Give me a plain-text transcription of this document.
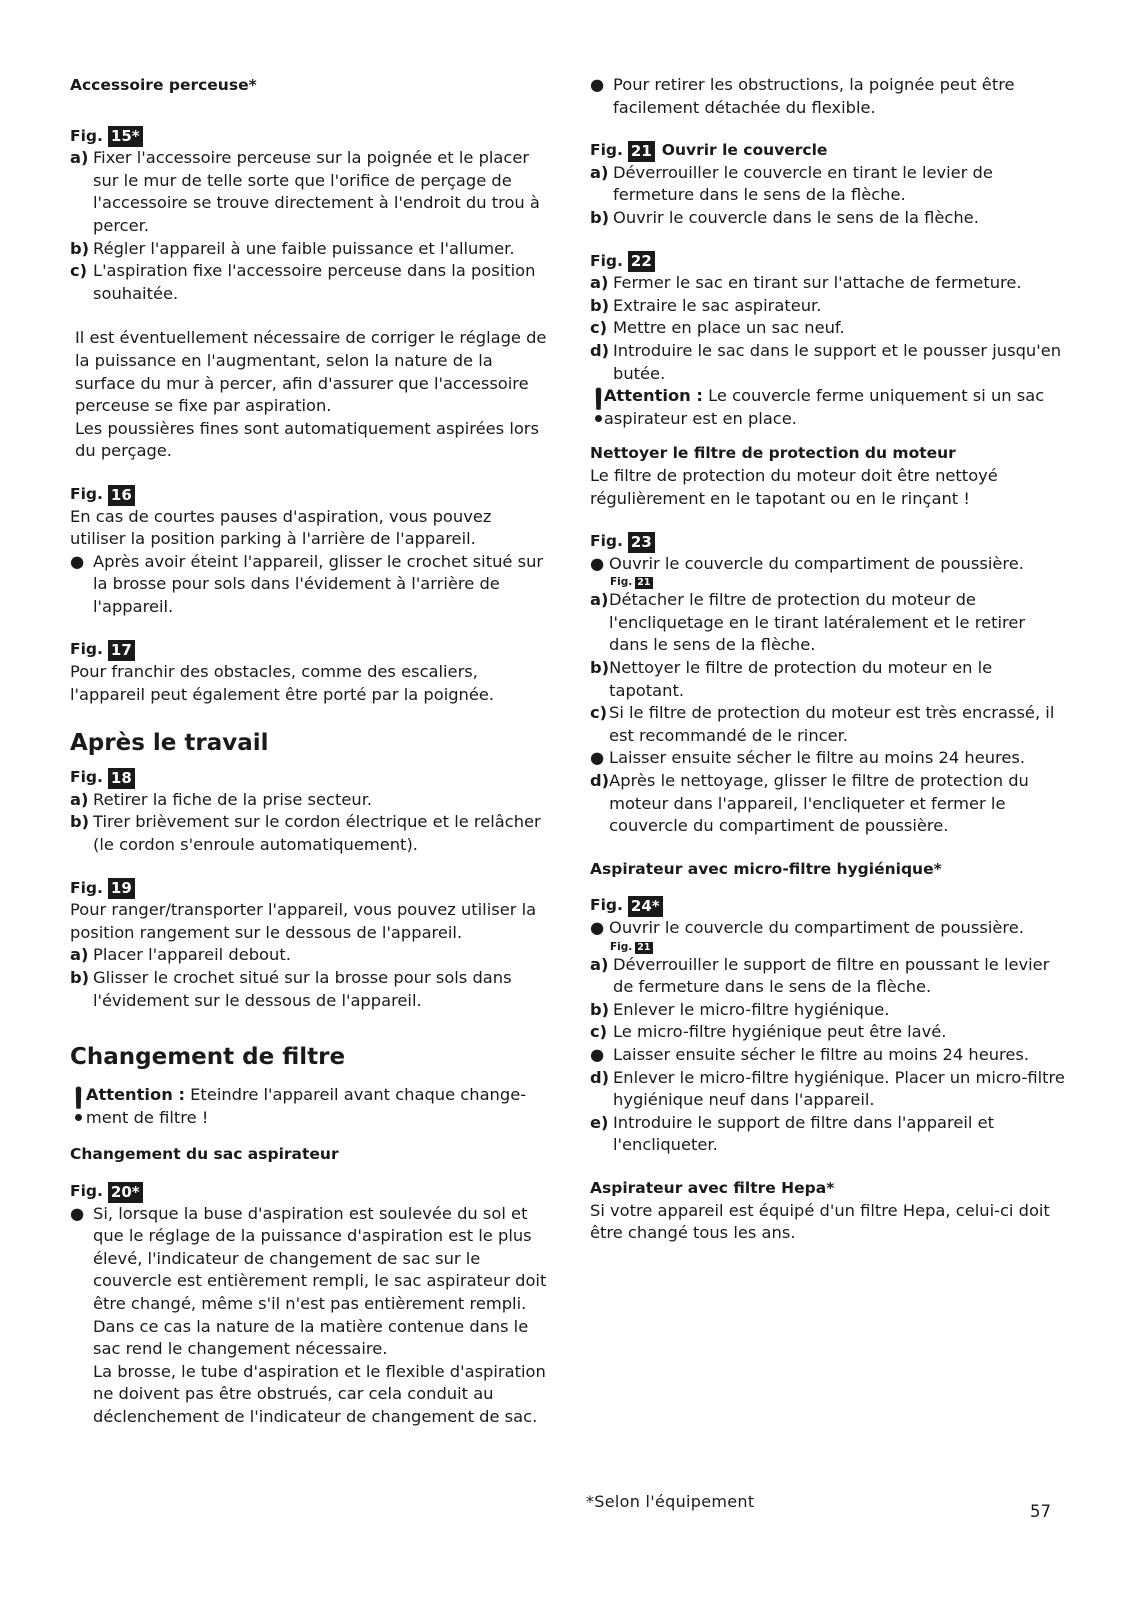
Accessoire perceuse*

Fig. 15*
a) Fixer l'accessoire perceuse sur la poignée et le placer sur le mur de telle sorte que l'orifice de perçage de l'accessoire se trouve directement à l'endroit du trou à percer.
b) Régler l'appareil à une faible puissance et l'allumer.
c) L'aspiration fixe l'accessoire perceuse dans la position souhaitée.

Il est éventuellement nécessaire de corriger le réglage de la puissance en l'augmentant, selon la nature de la surface du mur à percer, afin d'assurer que l'accessoire perceuse se fixe par aspiration.

Les poussières fines sont automatiquement aspirées lors du perçage.

Fig. 16

En cas de courtes pauses d'aspiration, vous pouvez utiliser la position parking à l'arrière de l'appareil.

● Après avoir éteint l'appareil, glisser le crochet situé sur la brosse pour sols dans l'évidement à l'arrière de l'appareil.
Fig. 17

Pour franchir des obstacles, comme des escaliers, l'appareil peut également être porté par la poignée.

Après le travail

Fig. 18
a) Retirer la fiche de la prise secteur.
b) Tirer brièvement sur le cordon électrique et le relâcher (le cordon s'enroule automatiquement).
Fig. 19

Pour ranger/transporter l'appareil, vous pouvez utiliser la position rangement sur le dessous de l'appareil.

a) Placer l'appareil debout.
b) Glisser le crochet situé sur la brosse pour sols dans l'évidement sur le dessous de l'appareil.

Changement de filtre

Attention : Eteindre l'appareil avant chaque changement de filtre !

Changement du sac aspirateur

Fig. 20*
● Si, lorsque la buse d'aspiration est soulevée du sol et que le réglage de la puissance d'aspiration est le plus élevé, l'indicateur de changement de sac sur le couvercle est entièrement rempli, le sac aspirateur doit être changé, même s'il n'est pas entièrement rempli. Dans ce cas la nature de la matière contenue dans le sac rend le changement nécessaire.
La brosse, le tube d'aspiration et le flexible d'aspiration ne doivent pas être obstrués, car cela conduit au déclenchement de l'indicateur de changement de sac.
● Pour retirer les obstructions, la poignée peut être facilement détachée du flexible.
Fig. 21 Ouvrir le couvercle
a) Déverrouiller le couvercle en tirant le levier de fermeture dans le sens de la flèche.
b) Ouvrir le couvercle dans le sens de la flèche.
Fig. 22
a) Fermer le sac en tirant sur l'attache de fermeture.
b) Extraire le sac aspirateur.
c) Mettre en place un sac neuf.
d) Introduire le sac dans le support et le pousser jusqu'en butée.
Attention : Le couvercle ferme uniquement si un sac aspirateur est en place.

Nettoyer le filtre de protection du moteur

Le filtre de protection du moteur doit être nettoyé régulièrement en le tapotant ou en le rinçant !

Fig. 23
● Ouvrir le couvercle du compartiment de poussière.
Fig. 21
a) Détacher le filtre de protection du moteur de l'encliquetage en le tirant latéralement et le retirer dans le sens de la flèche.
b) Nettoyer le filtre de protection du moteur en le tapotant.
c) Si le filtre de protection du moteur est très encrassé, il est recommandé de le rincer.
● Laisser ensuite sécher le filtre au moins 24 heures.
d) Après le nettoyage, glisser le filtre de protection du moteur dans l'appareil, l'encliqueter et fermer le couvercle du compartiment de poussière.

Aspirateur avec micro-filtre hygiénique*

Fig. 24*
● Ouvrir le couvercle du compartiment de poussière.
Fig. 21
a) Déverrouiller le support de filtre en poussant le levier de fermeture dans le sens de la flèche.
b) Enlever le micro-filtre hygiénique.
c) Le micro-filtre hygiénique peut être lavé.
● Laisser ensuite sécher le filtre au moins 24 heures.
d) Enlever le micro-filtre hygiénique. Placer un micro-filtre hygiénique neuf dans l'appareil.
e) Introduire le support de filtre dans l'appareil et l'encliqueter.

Aspirateur avec filtre Hepa*

Si votre appareil est équipé d'un filtre Hepa, celui-ci doit être changé tous les ans.

*Selon l'équipement
57
